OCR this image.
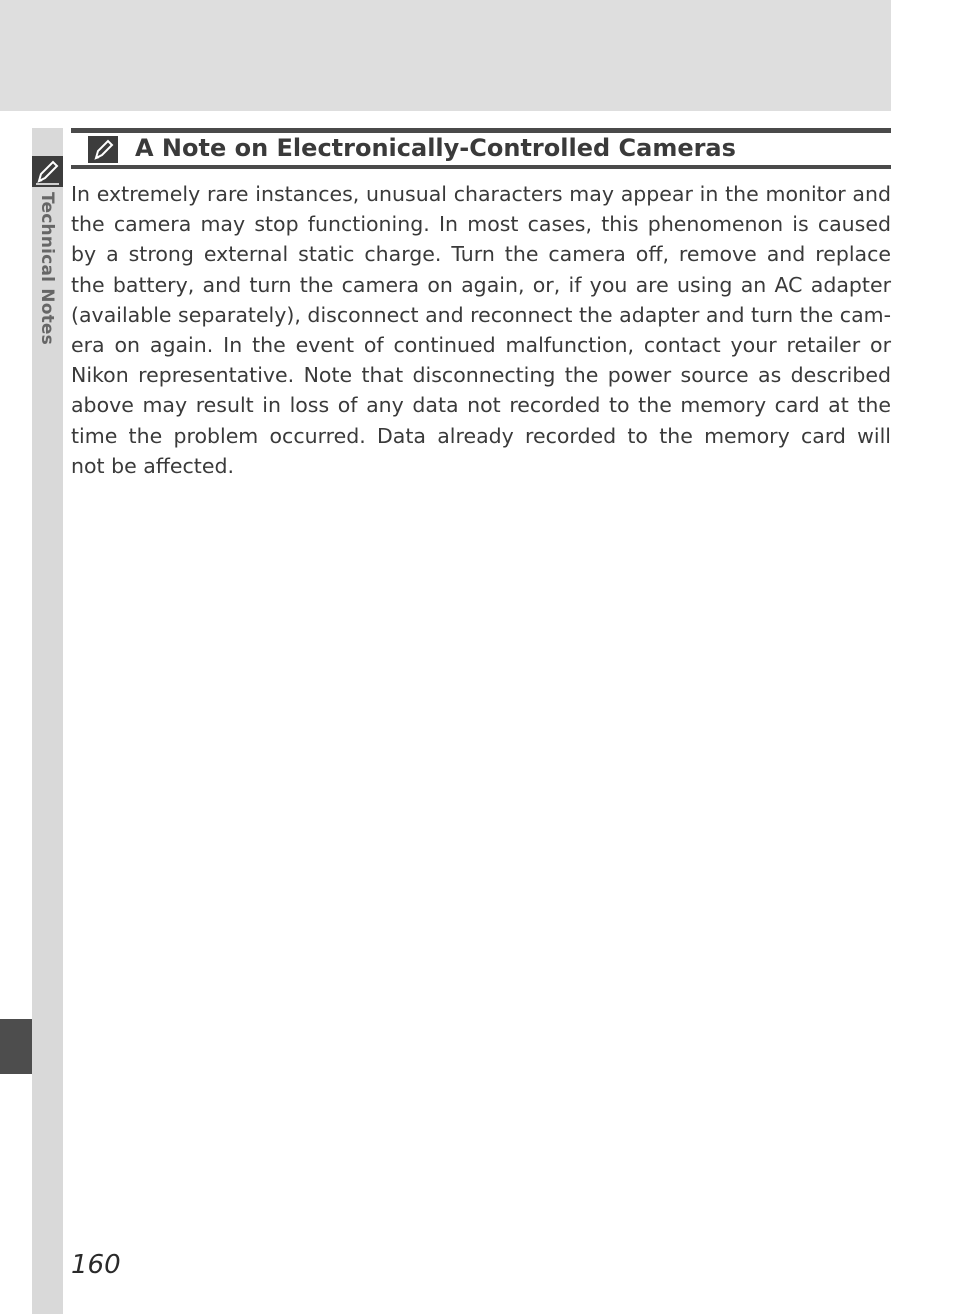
Technical Notes
A Note on Electronically-Controlled Cameras
In extremely rare instances, unusual characters may appear in the monitor and
the camera may stop functioning. In most cases, this phenomenon is caused
by a strong external static charge. Turn the camera off, remove and replace
the battery, and turn the camera on again, or, if you are using an AC adapter
(available separately), disconnect and reconnect the adapter and turn the cam-
era on again. In the event of continued malfunction, contact your retailer or
Nikon representative. Note that disconnecting the power source as described
above may result in loss of any data not recorded to the memory card at the
time the problem occurred. Data already recorded to the memory card will
not be affected.
160
